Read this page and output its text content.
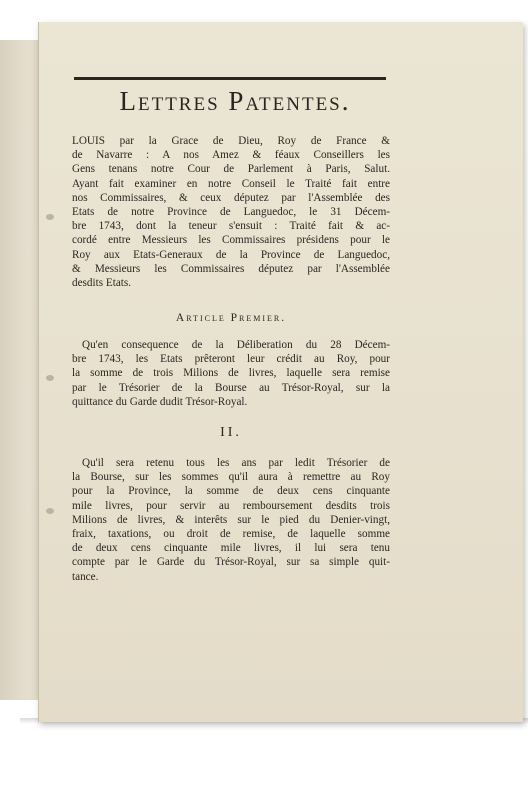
Lettres Patentes.
LOUIS par la Grace de Dieu, Roy de France &
de Navarre : A nos Amez & féaux Conseillers les
Gens tenans notre Cour de Parlement à Paris, Salut.
Ayant fait examiner en notre Conseil le Traité fait entre
nos Commissaires, & ceux députez par l'Assemblée des
Etats de notre Province de Languedoc, le 31 Décem-
bre 1743, dont la teneur s'ensuit : Traité fait & ac-
cordé entre Messieurs les Commissaires présidens pour le
Roy aux Etats-Generaux de la Province de Languedoc,
& Messieurs les Commissaires députez par l'Assemblée
desdits Etats.
Article Premier.
Qu'en consequence de la Déliberation du 28 Décem-
bre 1743, les Etats prêteront leur crédit au Roy, pour
la somme de trois Milions de livres, laquelle sera remise
par le Trésorier de la Bourse au Trésor-Royal, sur la
quittance du Garde dudit Trésor-Royal.
II.
Qu'il sera retenu tous les ans par ledit Trésorier de
la Bourse, sur les sommes qu'il aura à remettre au Roy
pour la Province, la somme de deux cens cinquante
mile livres, pour servir au remboursement desdits trois
Milions de livres, & interêts sur le pied du Denier-vingt,
fraix, taxations, ou droit de remise, de laquelle somme
de deux cens cinquante mile livres, il lui sera tenu
compte par le Garde du Trésor-Royal, sur sa simple quit-
tance.
